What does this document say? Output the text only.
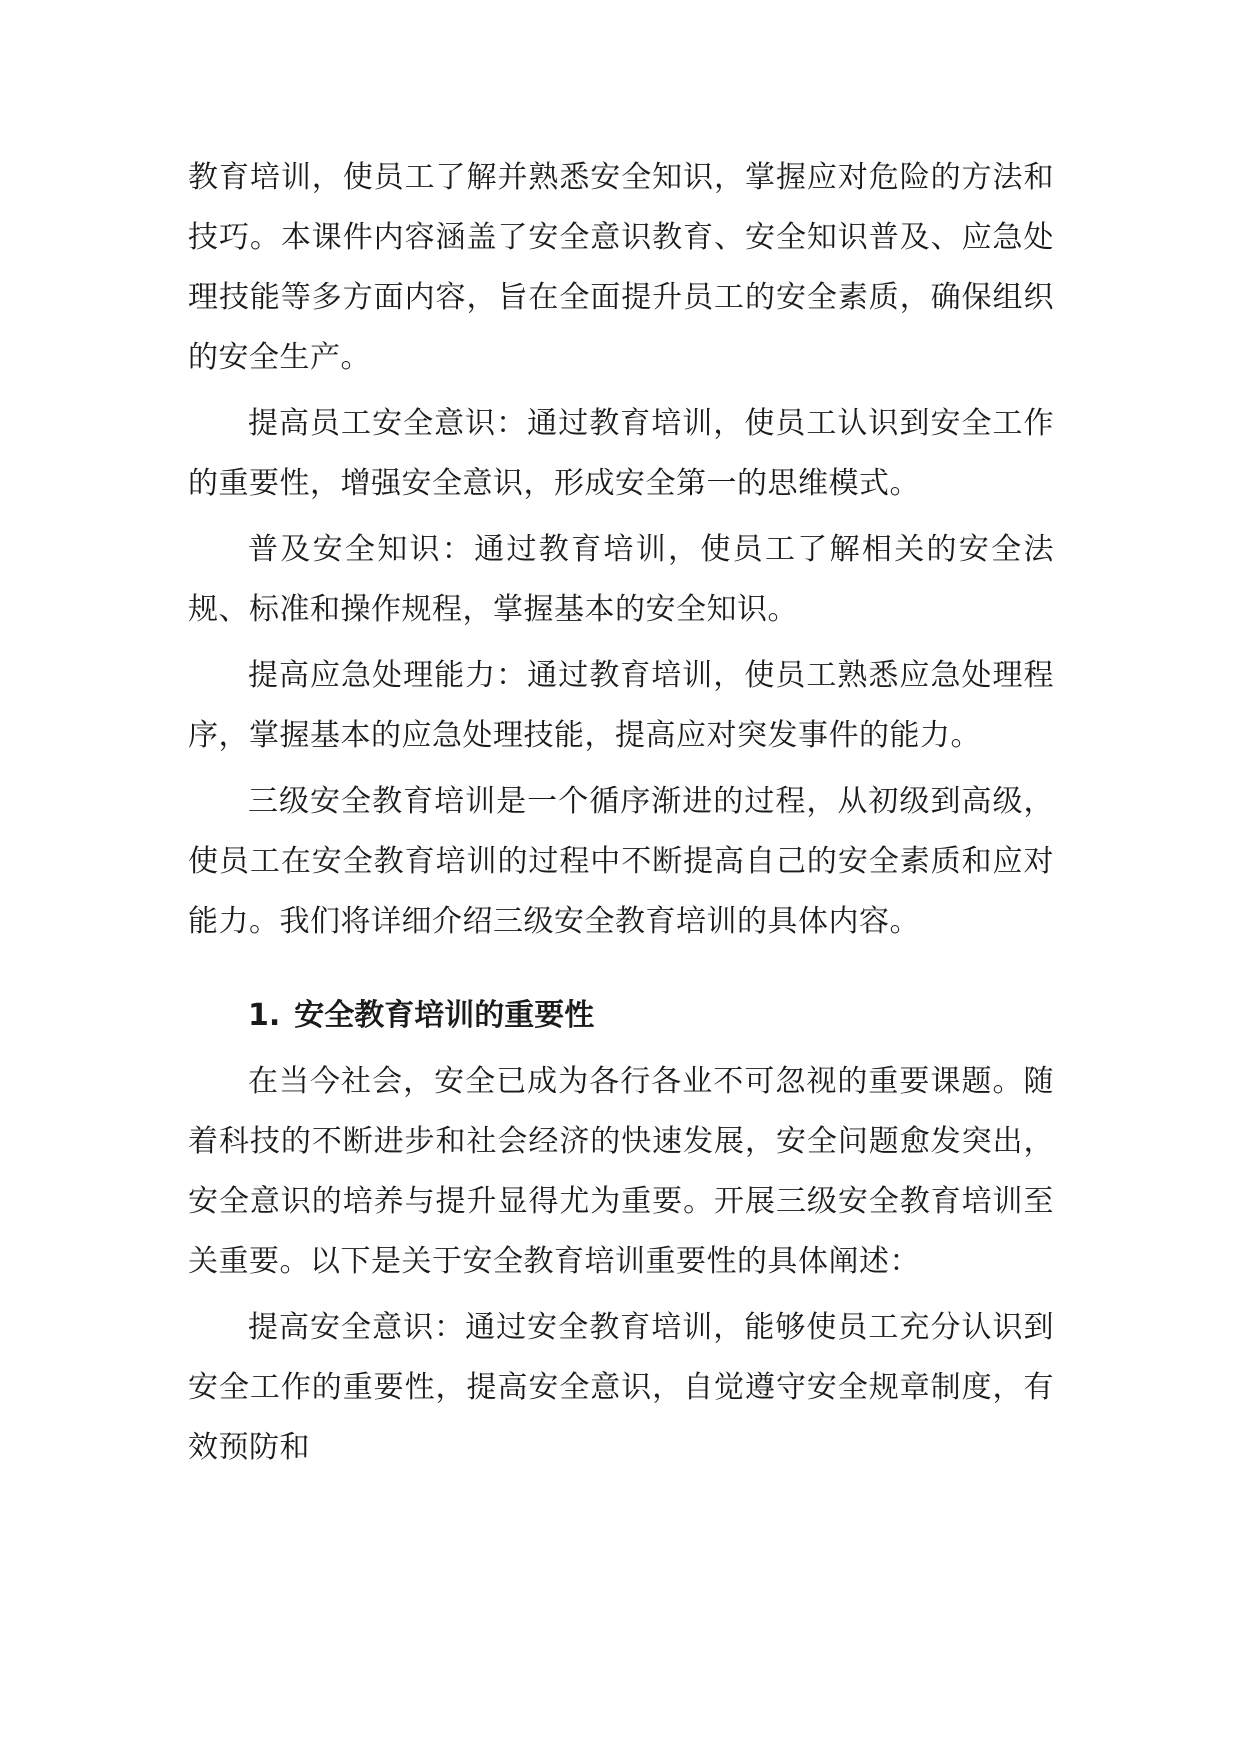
教育培训，使员工了解并熟悉安全知识，掌握应对危险的方法和技巧。本课件内容涵盖了安全意识教育、安全知识普及、应急处理技能等多方面内容，旨在全面提升员工的安全素质，确保组织的安全生产。

提高员工安全意识：通过教育培训，使员工认识到安全工作的重要性，增强安全意识，形成安全第一的思维模式。

普及安全知识：通过教育培训，使员工了解相关的安全法规、标准和操作规程，掌握基本的安全知识。

提高应急处理能力：通过教育培训，使员工熟悉应急处理程序，掌握基本的应急处理技能，提高应对突发事件的能力。

三级安全教育培训是一个循序渐进的过程，从初级到高级，使员工在安全教育培训的过程中不断提高自己的安全素质和应对能力。我们将详细介绍三级安全教育培训的具体内容。

1. 安全教育培训的重要性

在当今社会，安全已成为各行各业不可忽视的重要课题。随着科技的不断进步和社会经济的快速发展，安全问题愈发突出，安全意识的培养与提升显得尤为重要。开展三级安全教育培训至关重要。以下是关于安全教育培训重要性的具体阐述：

提高安全意识：通过安全教育培训，能够使员工充分认识到安全工作的重要性，提高安全意识，自觉遵守安全规章制度，有效预防和
